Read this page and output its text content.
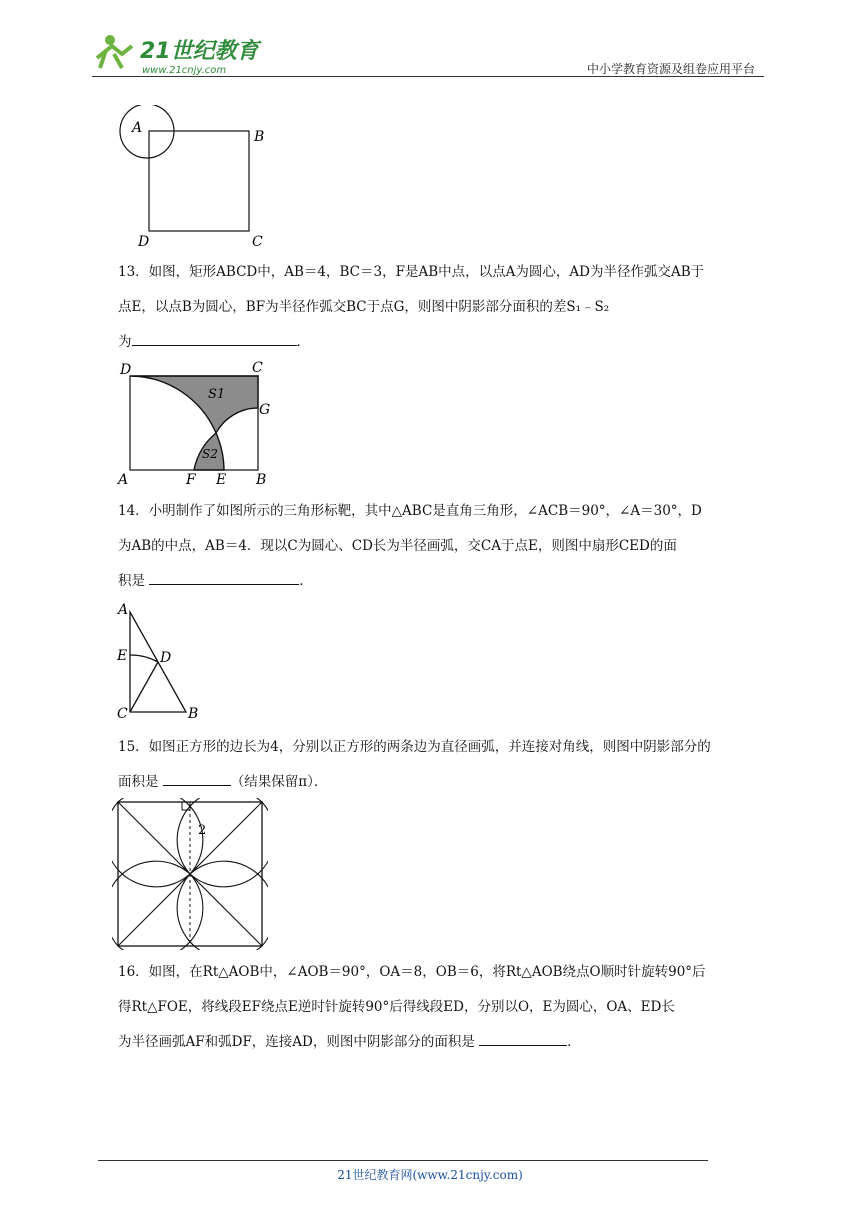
21世纪教育
www.21cnjy.com	中小学教育资源及组卷应用平台
A
B
D	C
13．如图，矩形ABCD中，AB＝4，BC＝3，F是AB中点，以点A为圆心，AD为半径作弧交AB于
点E，以点B为圆心，BF为半径作弧交BC于点G，则图中阴影部分面积的差S₁﹣S₂
为	．
D	C
S1
G
S2
A	F E B
14．小明制作了如图所示的三角形标靶，其中△ABC是直角三角形，∠ACB＝90°，∠A＝30°，D
为AB的中点，AB＝4．现以C为圆心、CD长为半径画弧，交CA于点E，则图中扇形CED的面
积是	．
A
E D
C	B
15．如图正方形的边长为4，分别以正方形的两条边为直径画弧，并连接对角线，则图中阴影部分的
面积是	（结果保留π）．
2
16．如图，在Rt△AOB中，∠AOB＝90°，OA＝8，OB＝6，将Rt△AOB绕点O顺时针旋转90°后
得Rt△FOE，将线段EF绕点E逆时针旋转90°后得线段ED，分别以O，E为圆心，OA、ED长
为半径画弧AF和弧DF，连接AD，则图中阴影部分的面积是	．
21世纪教育网(www.21cnjy.com)
